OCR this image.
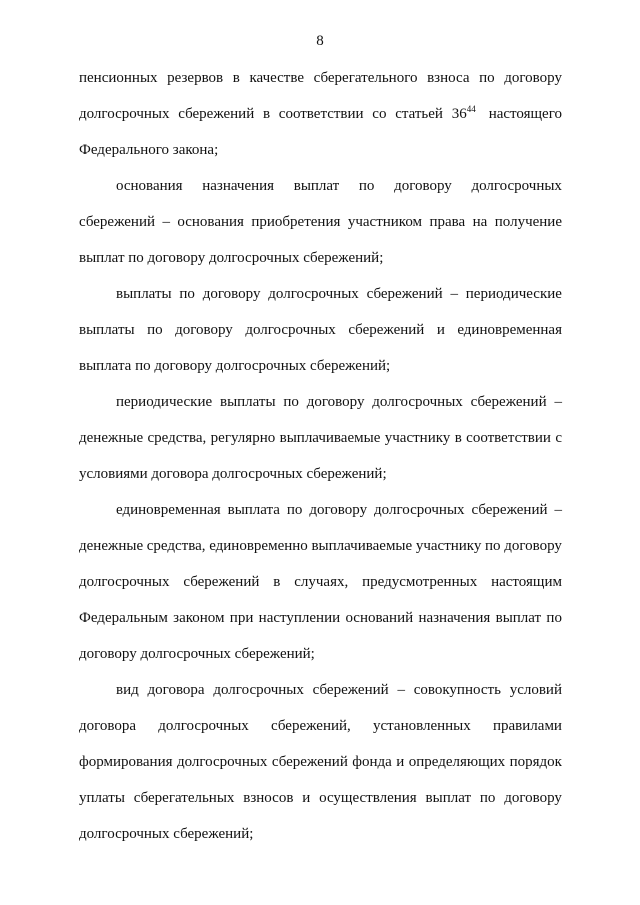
8
пенсионных резервов в качестве сберегательного взноса по договору
долгосрочных сбережений в соответствии со статьей 36 $^{44}$ настоящего
Федерального закона;
основания назначения выплат по договору долгосрочных
сбережений – основания приобретения участником права на получение
выплат по договору долгосрочных сбережений;
выплаты по договору долгосрочных сбережений – периодические
выплаты по договору долгосрочных сбережений и единовременная
выплата по договору долгосрочных сбережений;
периодические выплаты по договору долгосрочных сбережений –
денежные средства, регулярно выплачиваемые участнику в соответствии с
условиями договора долгосрочных сбережений;
единовременная выплата по договору долгосрочных сбережений –
денежные средства, единовременно выплачиваемые участнику по договору
долгосрочных сбережений в случаях, предусмотренных настоящим
Федеральным законом при наступлении оснований назначения выплат по
договору долгосрочных сбережений;
вид договора долгосрочных сбережений – совокупность условий
договора долгосрочных сбережений, установленных правилами
формирования долгосрочных сбережений фонда и определяющих порядок
уплаты сберегательных взносов и осуществления выплат по договору
долгосрочных сбережений;
